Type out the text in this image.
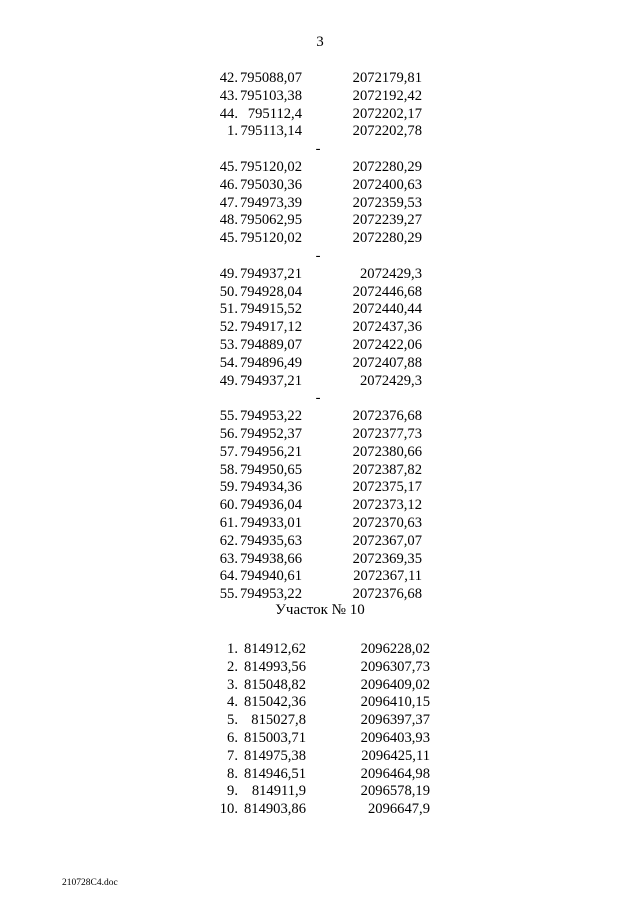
3
42. 795088,07	2072179,81
43. 795103,38	2072192,42
44. 795112,4	2072202,17
1. 795113,14	2072202,78
-
45. 795120,02	2072280,29
46. 795030,36	2072400,63
47. 794973,39	2072359,53
48. 795062,95	2072239,27
45. 795120,02	2072280,29
-
49. 794937,21	2072429,3
50. 794928,04	2072446,68
51. 794915,52	2072440,44
52. 794917,12	2072437,36
53. 794889,07	2072422,06
54. 794896,49	2072407,88
49. 794937,21	2072429,3
-
55. 794953,22	2072376,68
56. 794952,37	2072377,73
57. 794956,21	2072380,66
58. 794950,65	2072387,82
59. 794934,36	2072375,17
60. 794936,04	2072373,12
61. 794933,01	2072370,63
62. 794935,63	2072367,07
63. 794938,66	2072369,35
64. 794940,61	2072367,11
55. 794953,22	2072376,68
Участок № 10
1. 814912,62	2096228,02
2. 814993,56	2096307,73
3. 815048,82	2096409,02
4. 815042,36	2096410,15
5. 815027,8	2096397,37
6. 815003,71	2096403,93
7. 814975,38	2096425,11
8. 814946,51	2096464,98
9. 814911,9	2096578,19
10. 814903,86	2096647,9
210728С4.doc
